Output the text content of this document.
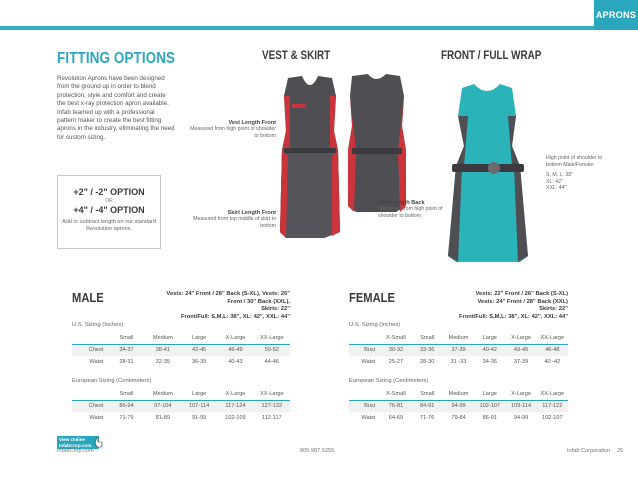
APRONS
FITTING OPTIONS
Revolution Aprons have been designed from the ground up in order to blend protection, style and comfort and create the best x-ray protection apron available. Infab teamed up with a professional pattern maker to create the best fitting aprons in the industry, eliminating the need for custom sizing.
+2" / -2" OPTION
OR
+4" / -4" OPTION
Add or subtract length on our standard Revolution aprons.
VEST & SKIRT	FRONT / FULL WRAP
Vest Length Front
Measured from high point of shoulder to bottom
Skirt Length Front
Measured from top middle of skirt to bottom
Vest Length Back
Measured from high point of shoulder to bottom.
High point of shoulder to bottom Male/Female:
S, M, L: 38"
XL: 42"
XXL: 44"
MALE	Vests: 24" Front / 28" Back (S-XL), Vests: 26"
Front / 30" Back (XXL),
Skirts: 22"
Front/Full: S,M,L: 38", XL: 42", XXL: 44"
U.S. Sizing (Inches)
	Small	Medium	Large	X-Large	XX-Large
Chest	34-37	38-41	42-45	46-49	50-52
Waist	28-31	32-35	36-39	40-43	44-46
European Sizing (Centimeters)
	Small	Medium	Large	X-Large	XX-Large
Chest	86-94	97-104	107-114	117-124	127-132
Waist	71-79	81-89	91-99	102-109	112-117
FEMALE	Vests: 22" Front / 26" Back (S-XL)
Vests: 24" Front / 28" Back (XXL)
Skirts: 22"
Front/Full: S,M,L: 38", XL: 42", XXL: 44"
U.S. Sizing (Inches)
	X-Small	Small	Medium	Large	X-Large	XX-Large
Bust	30-32	33-36	37-39	40-42	43-45	46-48
Waist	25-27	28-30	31 -33	34-36	37-39	40 -42
European Sizing (Centimeters)
	X-Small	Small	Medium	Large	X-Large	XX-Large
Bust	76-81	84-91	94-99	102-107	109-114	117-122
Waist	64-69	71-76	79-84	86-91	94-99	102-107
View Online
InfabCorp.com
InfabCorp.com	805.987.5255	Infab Corporation 25
